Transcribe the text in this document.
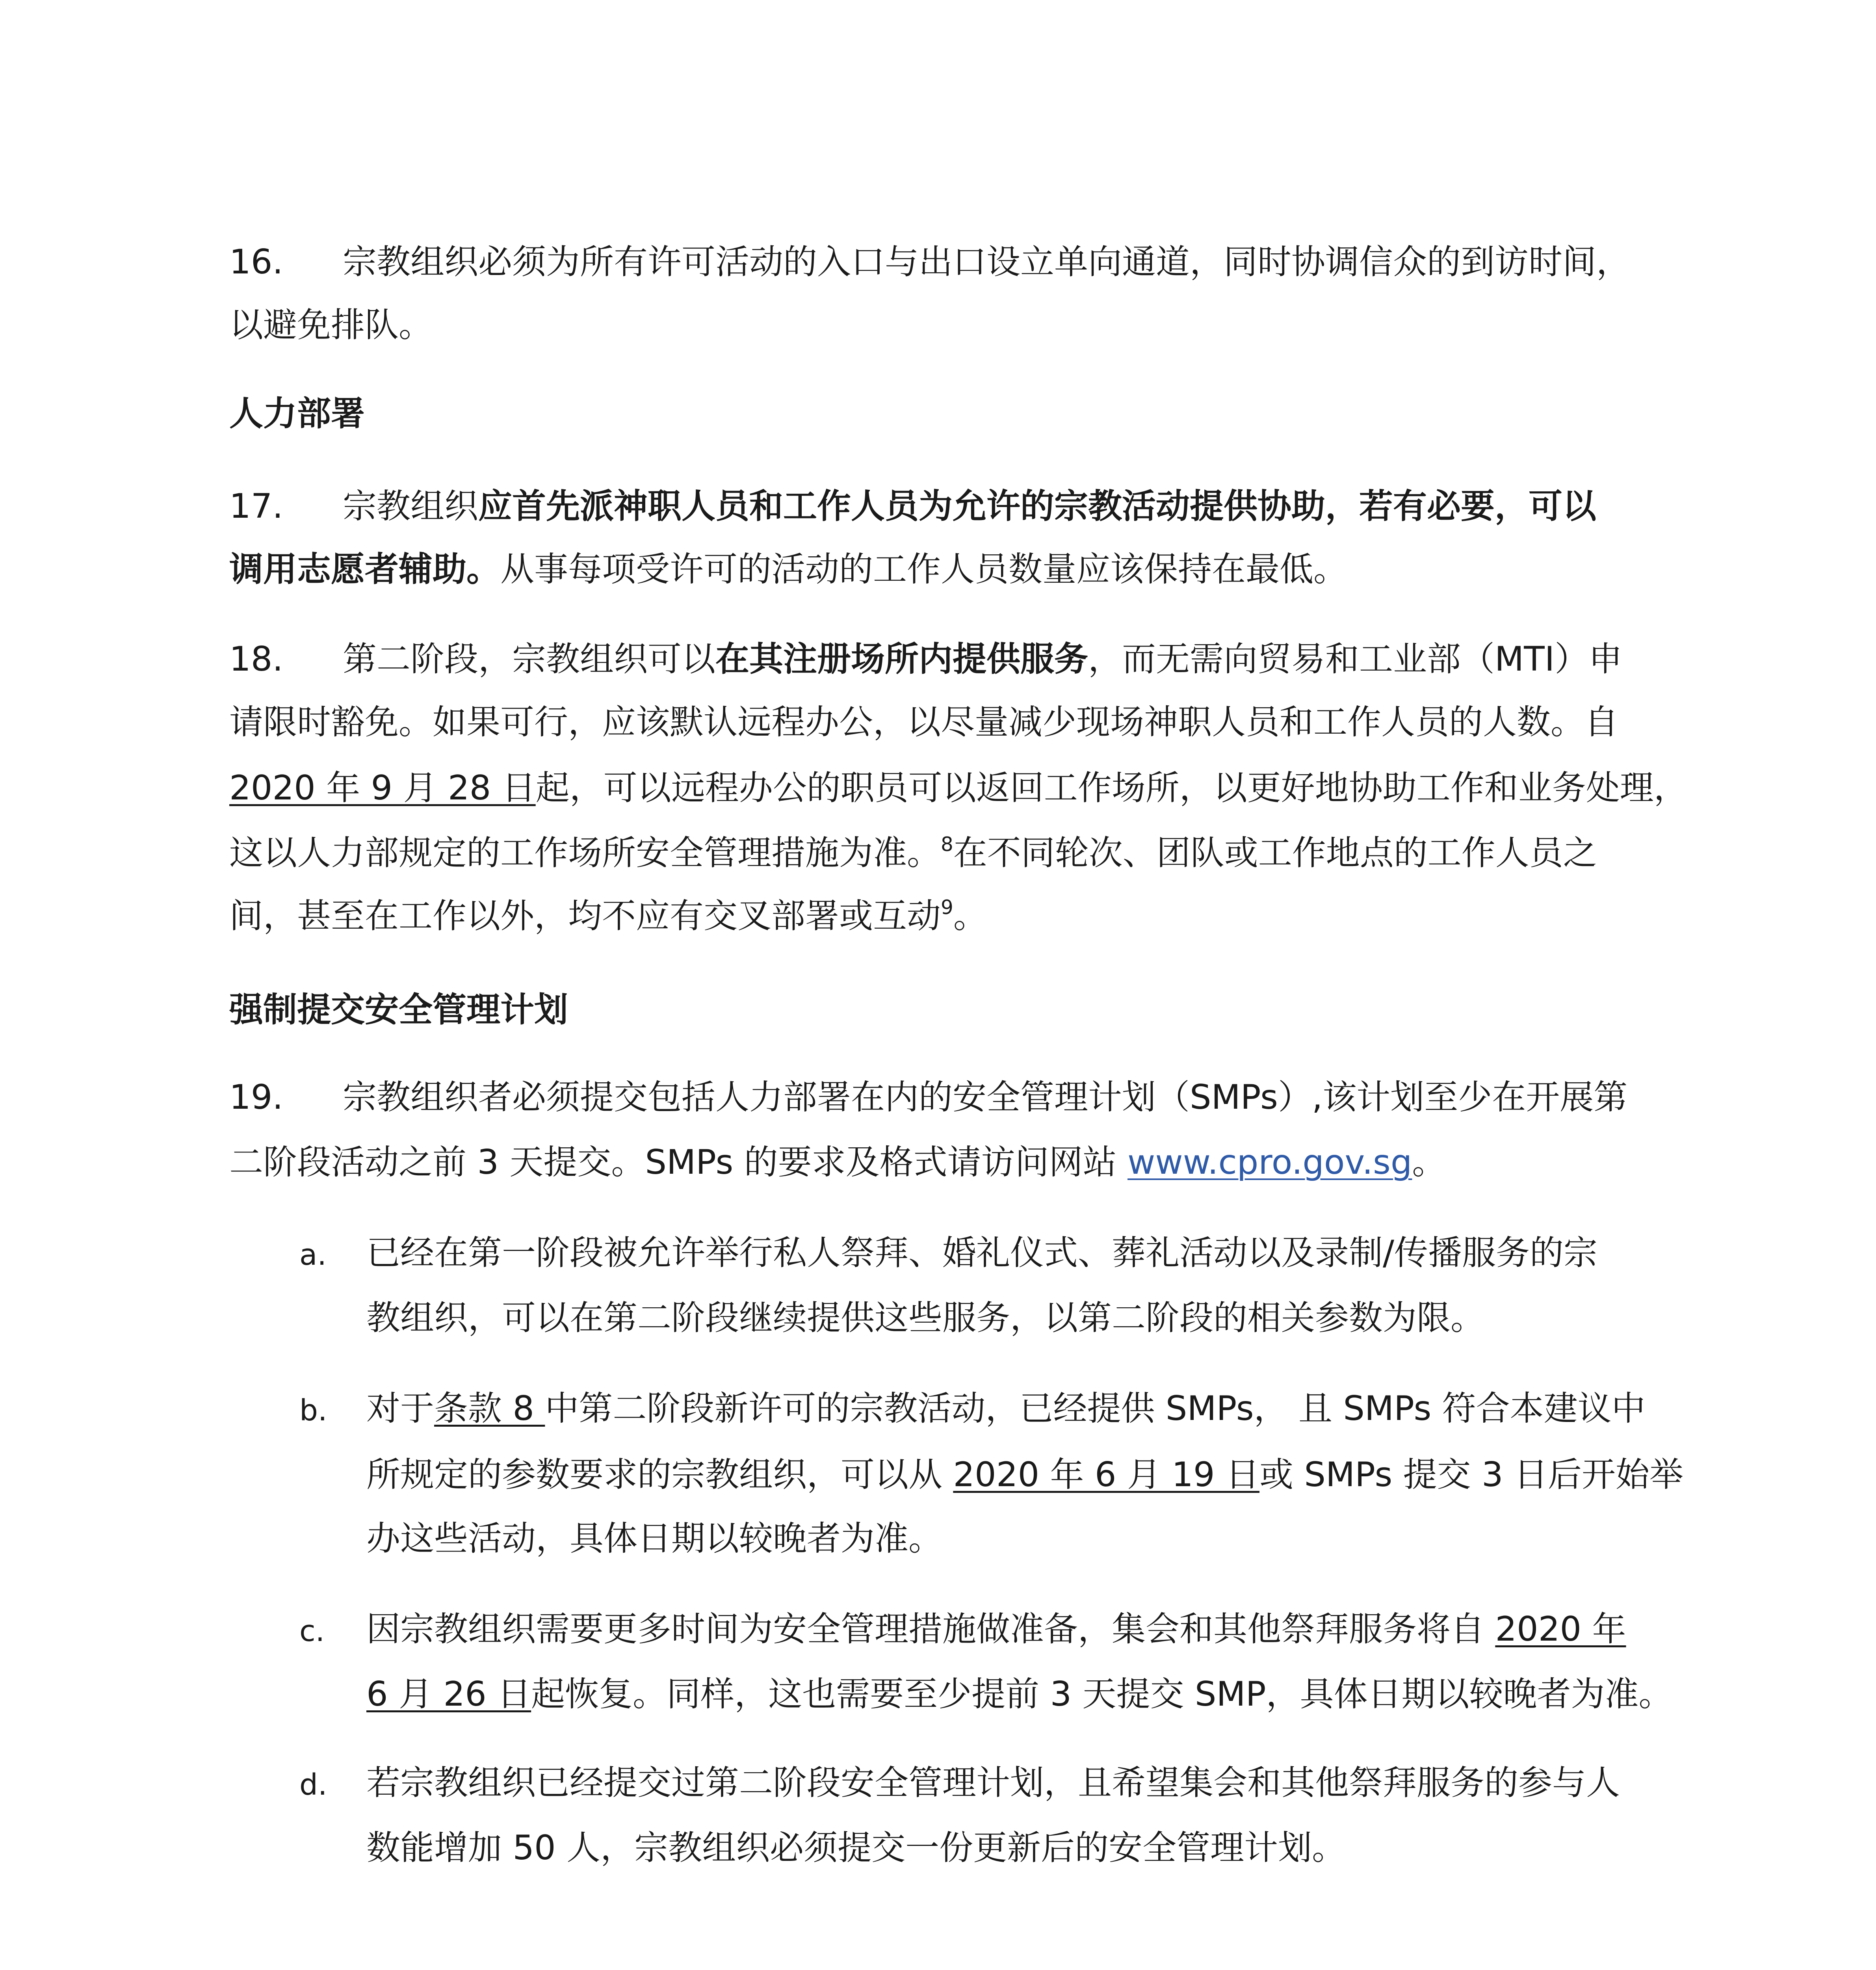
16. 宗教组织必须为所有许可活动的入口与出口设立单向通道，同时协调信众的到访时间，
以避免排队。
人力部署
17. 宗教组织应首先派神职人员和工作人员为允许的宗教活动提供协助，若有必要，可以
调用志愿者辅助。从事每项受许可的活动的工作人员数量应该保持在最低。
18. 第二阶段，宗教组织可以在其注册场所内提供服务，而无需向贸易和工业部（MTI）申
请限时豁免。如果可行，应该默认远程办公，以尽量减少现场神职人员和工作人员的人数。自
2020 年 9 月 28 日起，可以远程办公的职员可以返回工作场所，以更好地协助工作和业务处理，
这以人力部规定的工作场所安全管理措施为准。$^8$在不同轮次、团队或工作地点的工作人员之
间，甚至在工作以外，均不应有交叉部署或互动$^9$。
强制提交安全管理计划
19. 宗教组织者必须提交包括人力部署在内的安全管理计划（SMPs）,该计划至少在开展第
二阶段活动之前 3 天提交。SMPs 的要求及格式请访问网站 www.cpro.gov.sg。
a. 已经在第一阶段被允许举行私人祭拜、婚礼仪式、葬礼活动以及录制/传播服务的宗
教组织，可以在第二阶段继续提供这些服务，以第二阶段的相关参数为限。
b. 对于条款 8 中第二阶段新许可的宗教活动，已经提供 SMPs， 且 SMPs 符合本建议中
所规定的参数要求的宗教组织，可以从 2020 年 6 月 19 日或 SMPs 提交 3 日后开始举
办这些活动，具体日期以较晚者为准。
c. 因宗教组织需要更多时间为安全管理措施做准备，集会和其他祭拜服务将自 2020 年
6 月 26 日起恢复。同样，这也需要至少提前 3 天提交 SMP，具体日期以较晚者为准。
d. 若宗教组织已经提交过第二阶段安全管理计划，且希望集会和其他祭拜服务的参与人
数能增加 50 人，宗教组织必须提交一份更新后的安全管理计划。
